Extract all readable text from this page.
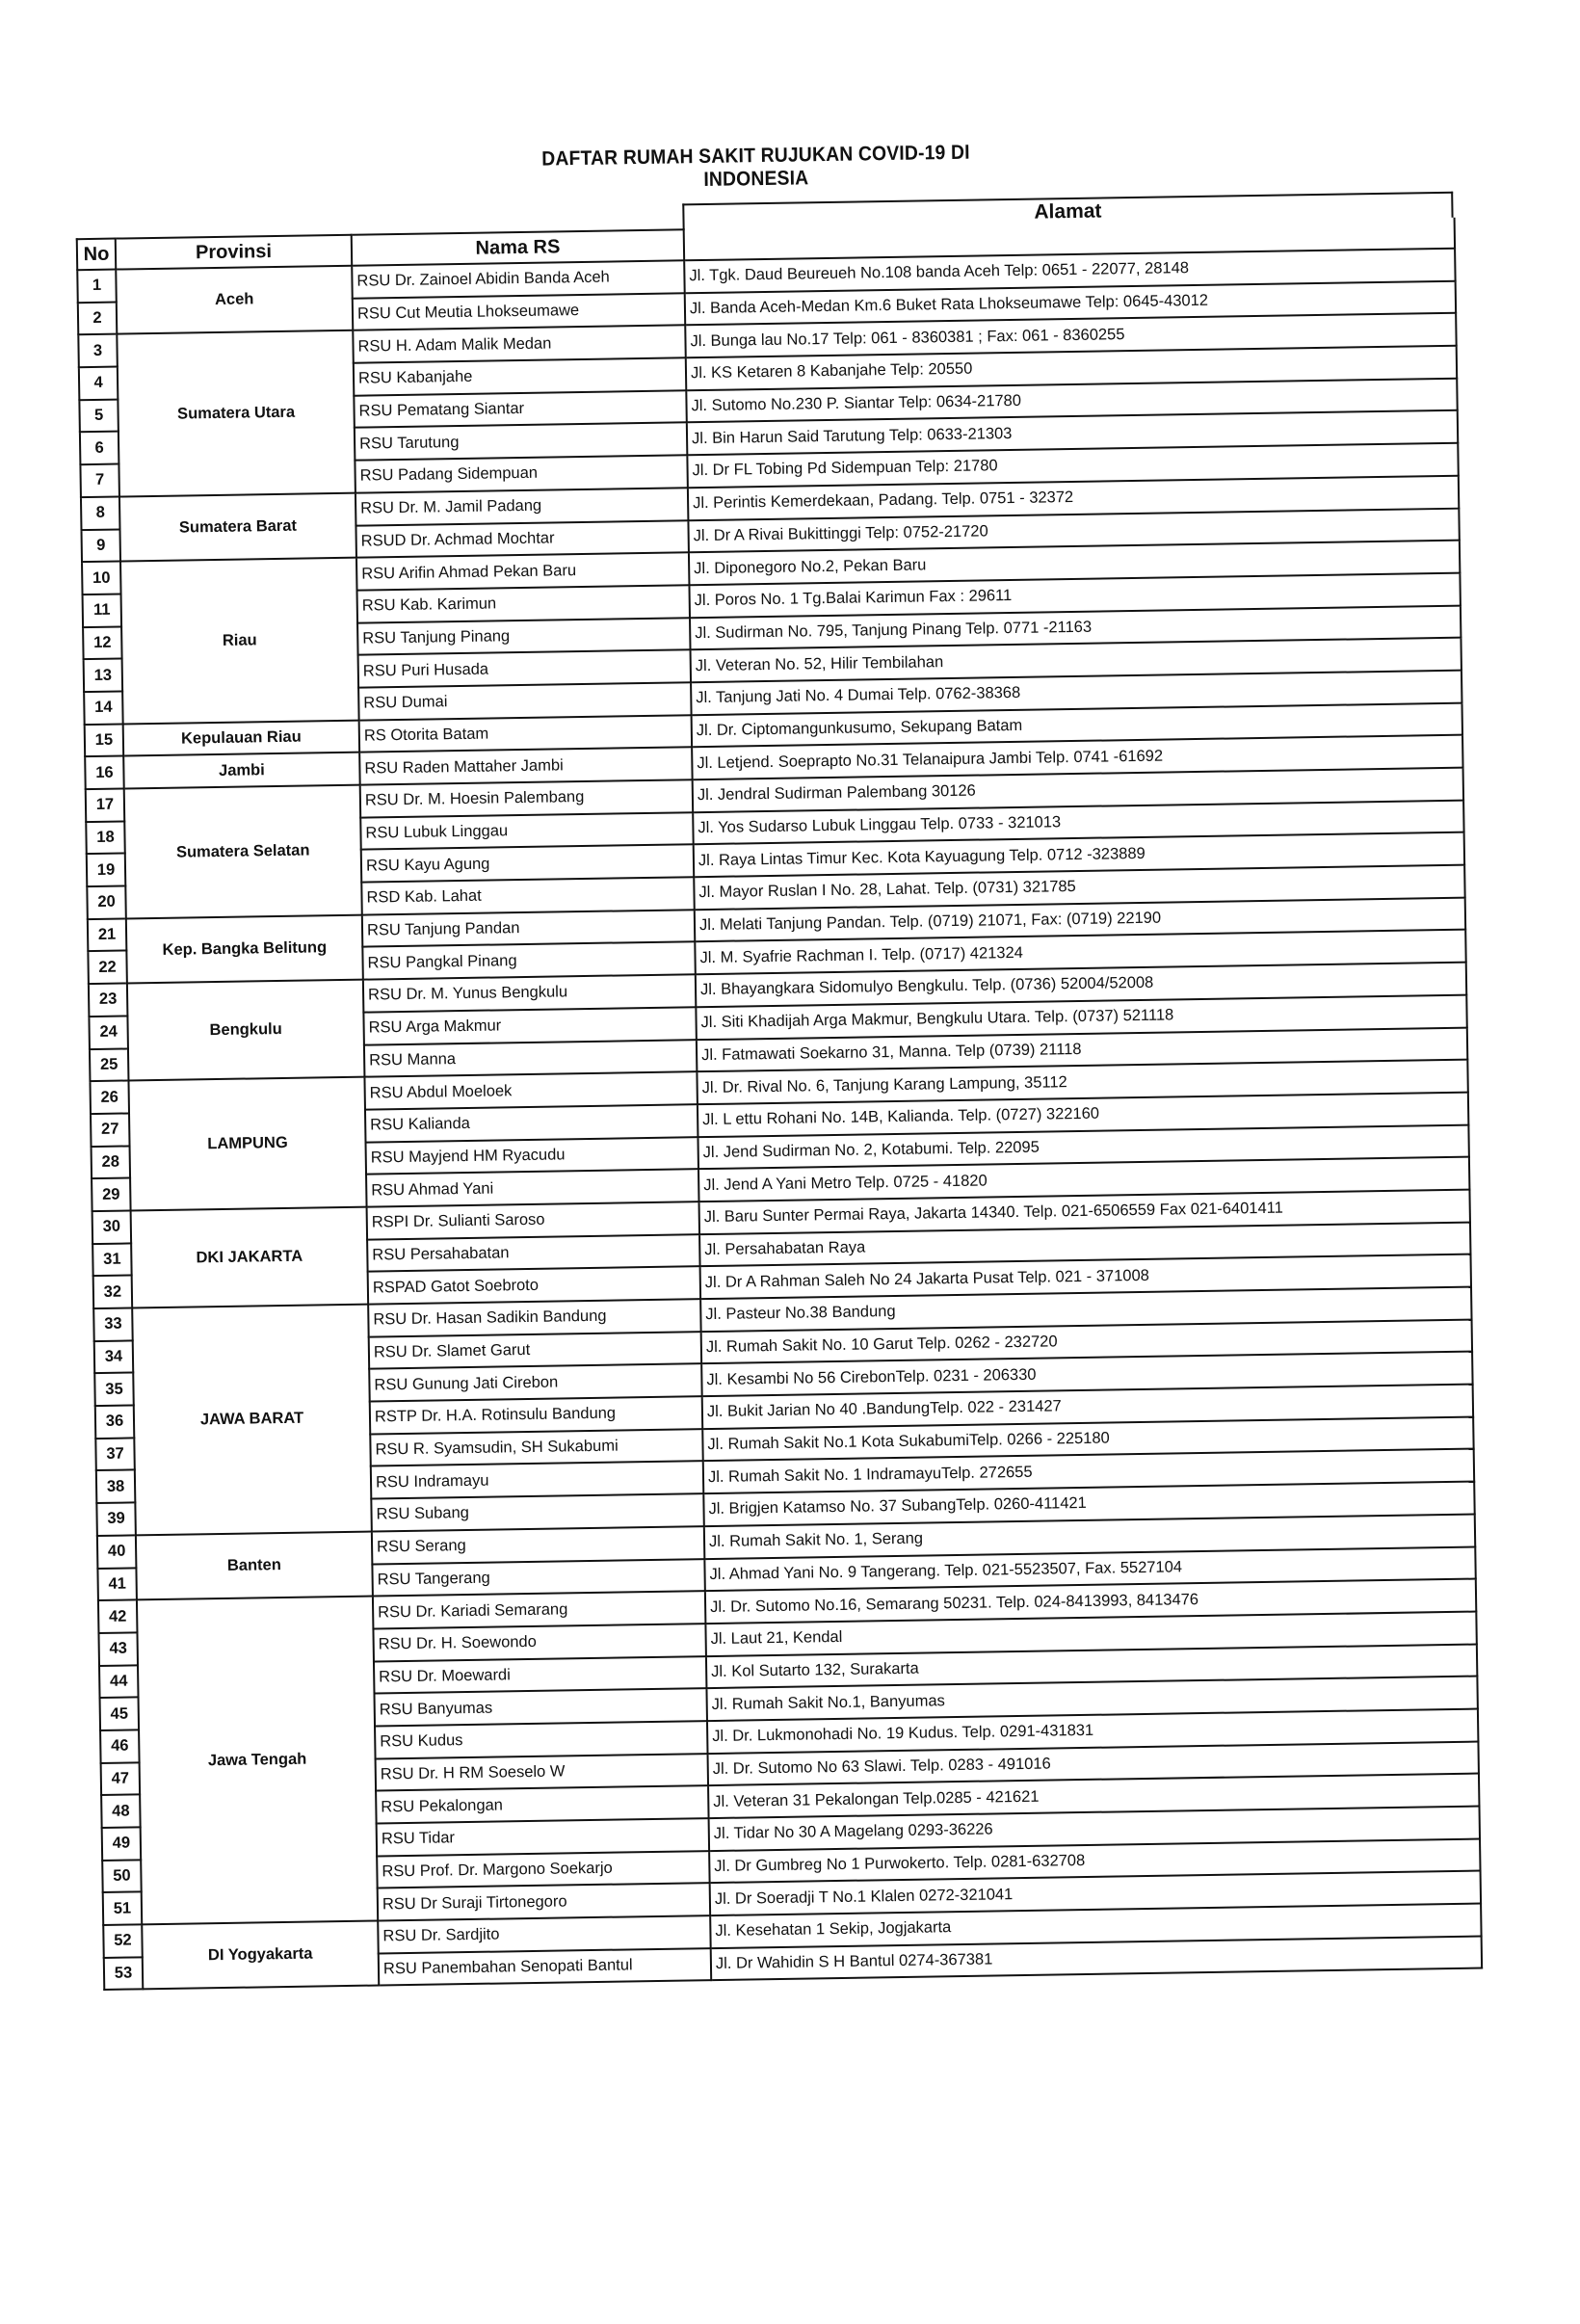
DAFTAR RUMAH SAKIT RUJUKAN COVID-19 DI INDONESIA
Alamat
No	Provinsi	Nama RS	
1	Aceh	RSU Dr. Zainoel Abidin Banda Aceh	Jl. Tgk. Daud Beureueh No.108 banda Aceh Telp: 0651 - 22077, 28148
2		RSU Cut Meutia Lhokseumawe	Jl. Banda Aceh-Medan Km.6 Buket Rata Lhokseumawe Telp: 0645-43012
3	Sumatera Utara	RSU H. Adam Malik Medan	Jl. Bunga lau No.17 Telp: 061 - 8360381 ; Fax: 061 - 8360255
4		RSU Kabanjahe	Jl. KS Ketaren 8 Kabanjahe Telp: 20550
5		RSU Pematang Siantar	Jl. Sutomo No.230 P. Siantar Telp: 0634-21780
6		RSU Tarutung	Jl. Bin Harun Said Tarutung Telp: 0633-21303
7		RSU Padang Sidempuan	Jl. Dr FL Tobing Pd Sidempuan Telp: 21780
8	Sumatera Barat	RSU Dr. M. Jamil Padang	Jl. Perintis Kemerdekaan, Padang. Telp. 0751 - 32372
9		RSUD Dr. Achmad Mochtar	Jl. Dr A Rivai Bukittinggi Telp: 0752-21720
10	Riau	RSU Arifin Ahmad Pekan Baru	Jl. Diponegoro No.2, Pekan Baru
11		RSU Kab. Karimun	Jl. Poros No. 1 Tg.Balai Karimun Fax : 29611
12		RSU Tanjung Pinang	Jl. Sudirman No. 795, Tanjung Pinang Telp. 0771 -21163
13		RSU Puri Husada	Jl. Veteran No. 52, Hilir Tembilahan
14		RSU Dumai	Jl. Tanjung Jati No. 4 Dumai Telp. 0762-38368
15	Kepulauan Riau	RS Otorita Batam	Jl. Dr. Ciptomangunkusumo, Sekupang Batam
16	Jambi	RSU Raden Mattaher Jambi	Jl. Letjend. Soeprapto No.31 Telanaipura Jambi Telp. 0741 -61692
17	Sumatera Selatan	RSU Dr. M. Hoesin Palembang	Jl. Jendral Sudirman Palembang 30126
18		RSU Lubuk Linggau	Jl. Yos Sudarso Lubuk Linggau Telp. 0733 - 321013
19		RSU Kayu Agung	Jl. Raya Lintas Timur Kec. Kota Kayuagung Telp. 0712 -323889
20		RSD Kab. Lahat	Jl. Mayor Ruslan I No. 28, Lahat. Telp. (0731) 321785
21	Kep. Bangka Belitung	RSU Tanjung Pandan	Jl. Melati Tanjung Pandan. Telp. (0719) 21071, Fax: (0719) 22190
22		RSU Pangkal Pinang	Jl. M. Syafrie Rachman I. Telp. (0717) 421324
23	Bengkulu	RSU Dr. M. Yunus Bengkulu	Jl. Bhayangkara Sidomulyo Bengkulu. Telp. (0736) 52004/52008
24		RSU Arga Makmur	Jl. Siti Khadijah Arga Makmur, Bengkulu Utara. Telp. (0737) 521118
25		RSU Manna	Jl. Fatmawati Soekarno 31, Manna. Telp (0739) 21118
26	LAMPUNG	RSU Abdul Moeloek	Jl. Dr. Rival No. 6, Tanjung Karang Lampung, 35112
27		RSU Kalianda	Jl. L ettu Rohani No. 14B, Kalianda. Telp. (0727) 322160
28		RSU Mayjend HM Ryacudu	Jl. Jend Sudirman No. 2, Kotabumi. Telp. 22095
29		RSU Ahmad Yani	Jl. Jend A Yani Metro Telp. 0725 - 41820
30	DKI JAKARTA	RSPI Dr. Sulianti Saroso	Jl. Baru Sunter Permai Raya, Jakarta 14340. Telp. 021-6506559 Fax 021-6401411
31		RSU Persahabatan	Jl. Persahabatan Raya
32		RSPAD Gatot Soebroto	Jl. Dr A Rahman Saleh No 24 Jakarta Pusat Telp. 021 - 371008
33	JAWA BARAT	RSU Dr. Hasan Sadikin Bandung	Jl. Pasteur No.38 Bandung
34		RSU Dr. Slamet Garut	Jl. Rumah Sakit No. 10 Garut Telp. 0262 - 232720
35		RSU Gunung Jati Cirebon	Jl. Kesambi No 56 CirebonTelp. 0231 - 206330
36		RSTP Dr. H.A. Rotinsulu Bandung	Jl. Bukit Jarian No 40 .BandungTelp. 022 - 231427
37		RSU R. Syamsudin, SH Sukabumi	Jl. Rumah Sakit No.1 Kota SukabumiTelp. 0266 - 225180
38		RSU Indramayu	Jl. Rumah Sakit No. 1 IndramayuTelp. 272655
39		RSU Subang	Jl. Brigjen Katamso No. 37 SubangTelp. 0260-411421
40	Banten	RSU Serang	Jl. Rumah Sakit No. 1, Serang
41		RSU Tangerang	Jl. Ahmad Yani No. 9 Tangerang. Telp. 021-5523507, Fax. 5527104
42	Jawa Tengah	RSU Dr. Kariadi Semarang	Jl. Dr. Sutomo No.16, Semarang 50231. Telp. 024-8413993, 8413476
43		RSU Dr. H. Soewondo	Jl. Laut 21, Kendal
44		RSU Dr. Moewardi	Jl. Kol Sutarto 132, Surakarta
45		RSU Banyumas	Jl. Rumah Sakit No.1, Banyumas
46		RSU Kudus	Jl. Dr. Lukmonohadi No. 19 Kudus. Telp. 0291-431831
47		RSU Dr. H RM Soeselo W	Jl. Dr. Sutomo No 63 Slawi. Telp. 0283 - 491016
48		RSU Pekalongan	Jl. Veteran 31 Pekalongan Telp.0285 - 421621
49		RSU Tidar	Jl. Tidar No 30 A Magelang 0293-36226
50		RSU Prof. Dr. Margono Soekarjo	Jl. Dr Gumbreg No 1 Purwokerto. Telp. 0281-632708
51		RSU Dr Suraji Tirtonegoro	Jl. Dr Soeradji T No.1 Klalen 0272-321041
52	DI Yogyakarta	RSU Dr. Sardjito	Jl. Kesehatan 1 Sekip, Jogjakarta
53		RSU Panembahan Senopati Bantul	Jl. Dr Wahidin S H Bantul 0274-367381
